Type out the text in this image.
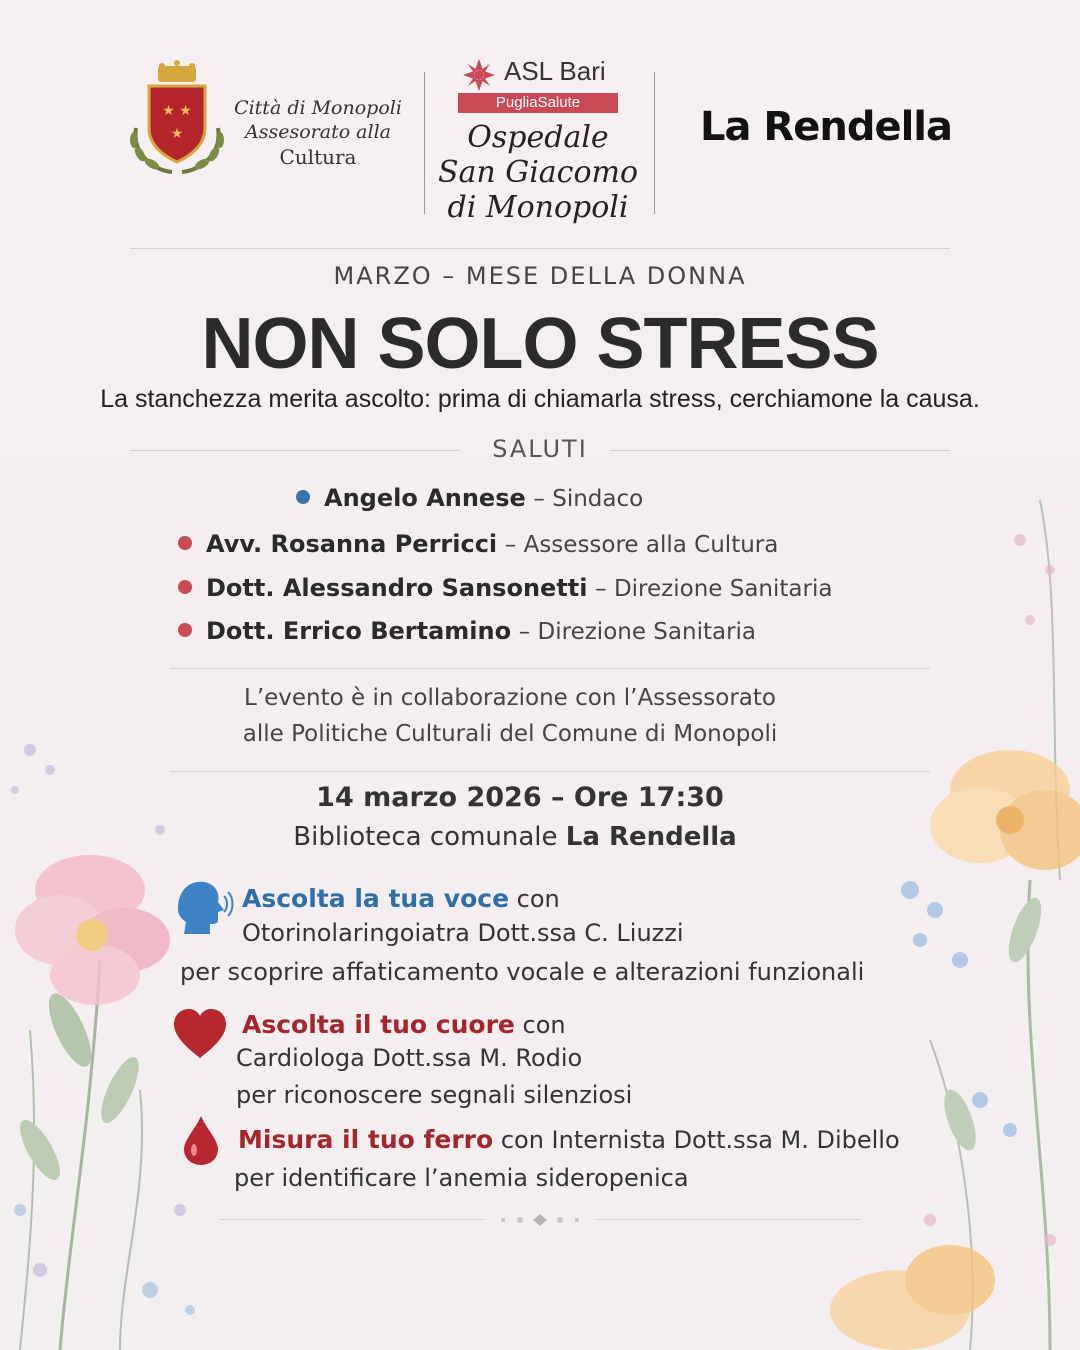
★ ★
★
Città di Monopoli
Assesorato alla
Cultura
ASL Bari
PugliaSalute
Ospedale
San Giacomo
di Monopoli
La Rendella
MARZO – MESE DELLA DONNA
NON SOLO STRESS
La stanchezza merita ascolto: prima di chiamarla stress, cerchiamone la causa.
SALUTI
Angelo Annese – Sindaco
Avv. Rosanna Perricci – Assessore alla Cultura
Dott. Alessandro Sansonetti – Direzione Sanitaria
Dott. Errico Bertamino – Direzione Sanitaria
L’evento è in collaborazione con l’Assessorato
alle Politiche Culturali del Comune di Monopoli
14 marzo 2026 – Ore 17:30
Biblioteca comunale La Rendella
Ascolta la tua voce con
Otorinolaringoiatra Dott.ssa C. Liuzzi
per scoprire affaticamento vocale e alterazioni funzionali
Ascolta il tuo cuore con
Cardiologa Dott.ssa M. Rodio
per riconoscere segnali silenziosi
Misura il tuo ferro con Internista Dott.ssa M. Dibello
per identificare l’anemia sideropenica
